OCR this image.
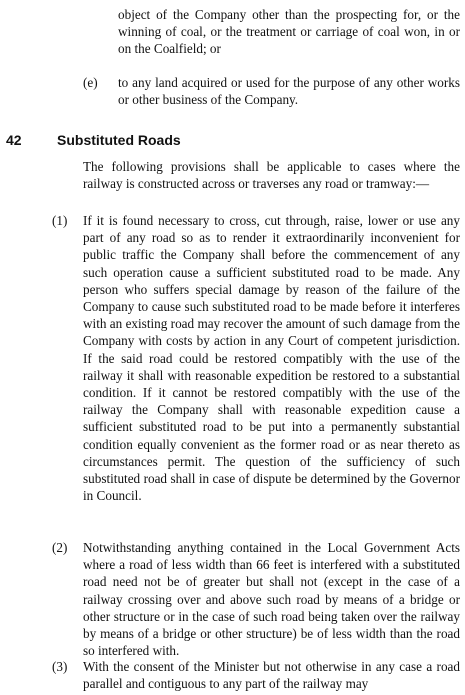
object of the Company other than the prospecting for, or the winning of coal, or the treatment or carriage of coal won, in or on the Coalfield; or
(e) to any land acquired or used for the purpose of any other works or other business of the Company.
42	Substituted Roads
The following provisions shall be applicable to cases where the railway is constructed across or traverses any road or tramway:—
(1) If it is found necessary to cross, cut through, raise, lower or use any part of any road so as to render it extraordinarily inconvenient for public traffic the Company shall before the commencement of any such operation cause a sufficient substituted road to be made. Any person who suffers special damage by reason of the failure of the Company to cause such substituted road to be made before it interferes with an existing road may recover the amount of such damage from the Company with costs by action in any Court of competent jurisdiction. If the said road could be restored compatibly with the use of the railway it shall with reasonable expedition be restored to a substantial condition. If it cannot be restored compatibly with the use of the railway the Company shall with reasonable expedition cause a sufficient substituted road to be put into a permanently substantial condition equally convenient as the former road or as near thereto as circumstances permit. The question of the sufficiency of such substituted road shall in case of dispute be determined by the Governor in Council.
(2) Notwithstanding anything contained in the Local Government Acts where a road of less width than 66 feet is interfered with a substituted road need not be of greater but shall not (except in the case of a railway crossing over and above such road by means of a bridge or other structure or in the case of such road being taken over the railway by means of a bridge or other structure) be of less width than the road so interfered with.
(3) With the consent of the Minister but not otherwise in any case a road parallel and contiguous to any part of the railway may
